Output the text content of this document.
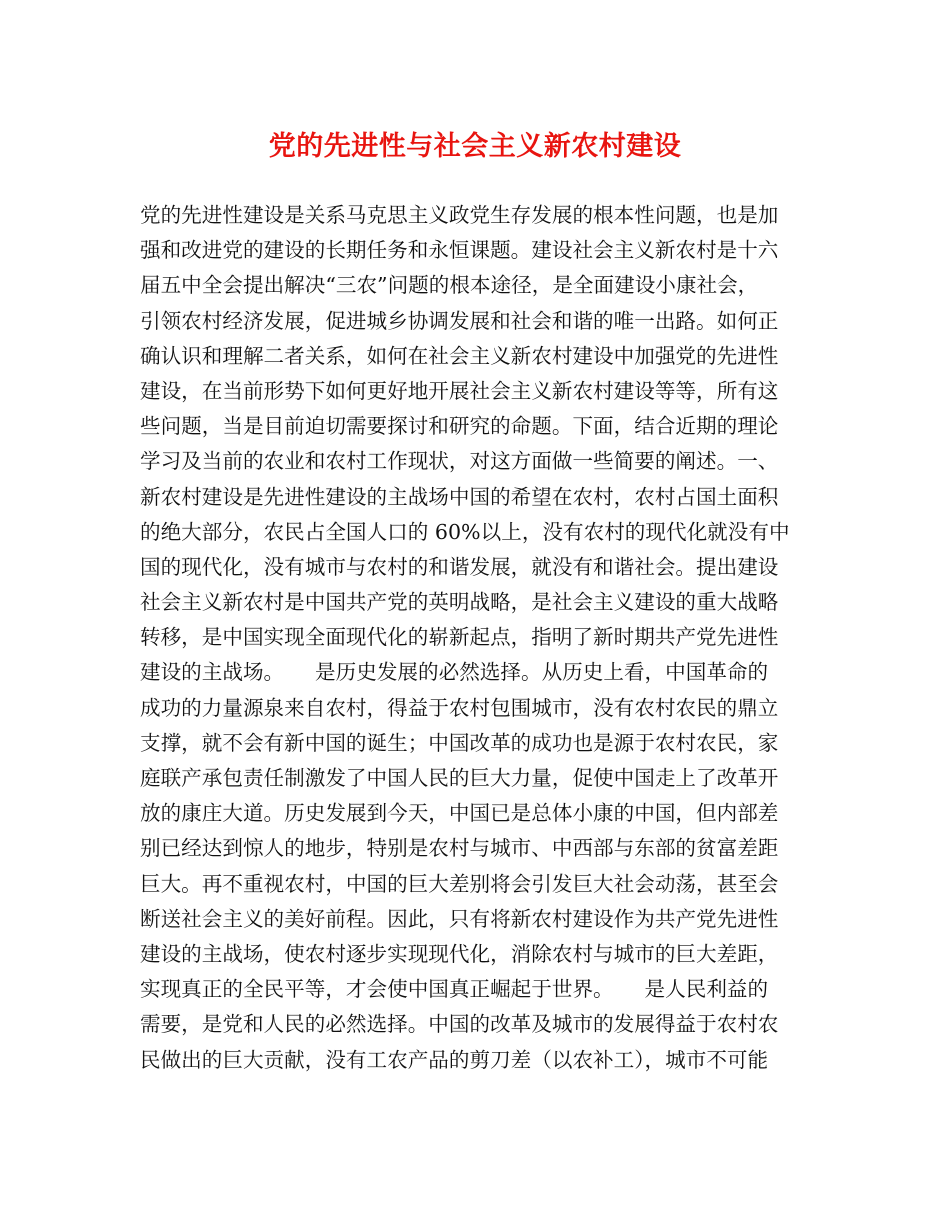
党的先进性与社会主义新农村建设
党的先进性建设是关系马克思主义政党生存发展的根本性问题，也是加
强和改进党的建设的长期任务和永恒课题。建设社会主义新农村是十六
届五中全会提出解决“三农”问题的根本途径，是全面建设小康社会，
引领农村经济发展，促进城乡协调发展和社会和谐的唯一出路。如何正
确认识和理解二者关系，如何在社会主义新农村建设中加强党的先进性
建设，在当前形势下如何更好地开展社会主义新农村建设等等，所有这
些问题，当是目前迫切需要探讨和研究的命题。下面，结合近期的理论
学习及当前的农业和农村工作现状，对这方面做一些简要的阐述。一、
新农村建设是先进性建设的主战场中国的希望在农村，农村占国土面积
的绝大部分，农民占全国人口的 60%以上，没有农村的现代化就没有中
国的现代化，没有城市与农村的和谐发展，就没有和谐社会。提出建设
社会主义新农村是中国共产党的英明战略，是社会主义建设的重大战略
转移，是中国实现全面现代化的崭新起点，指明了新时期共产党先进性
建设的主战场。　　是历史发展的必然选择。从历史上看，中国革命的
成功的力量源泉来自农村，得益于农村包围城市，没有农村农民的鼎立
支撑，就不会有新中国的诞生；中国改革的成功也是源于农村农民，家
庭联产承包责任制激发了中国人民的巨大力量，促使中国走上了改革开
放的康庄大道。历史发展到今天，中国已是总体小康的中国，但内部差
别已经达到惊人的地步，特别是农村与城市、中西部与东部的贫富差距
巨大。再不重视农村，中国的巨大差别将会引发巨大社会动荡，甚至会
断送社会主义的美好前程。因此，只有将新农村建设作为共产党先进性
建设的主战场，使农村逐步实现现代化，消除农村与城市的巨大差距，
实现真正的全民平等，才会使中国真正崛起于世界。　　是人民利益的
需要，是党和人民的必然选择。中国的改革及城市的发展得益于农村农
民做出的巨大贡献，没有工农产品的剪刀差（以农补工），城市不可能
